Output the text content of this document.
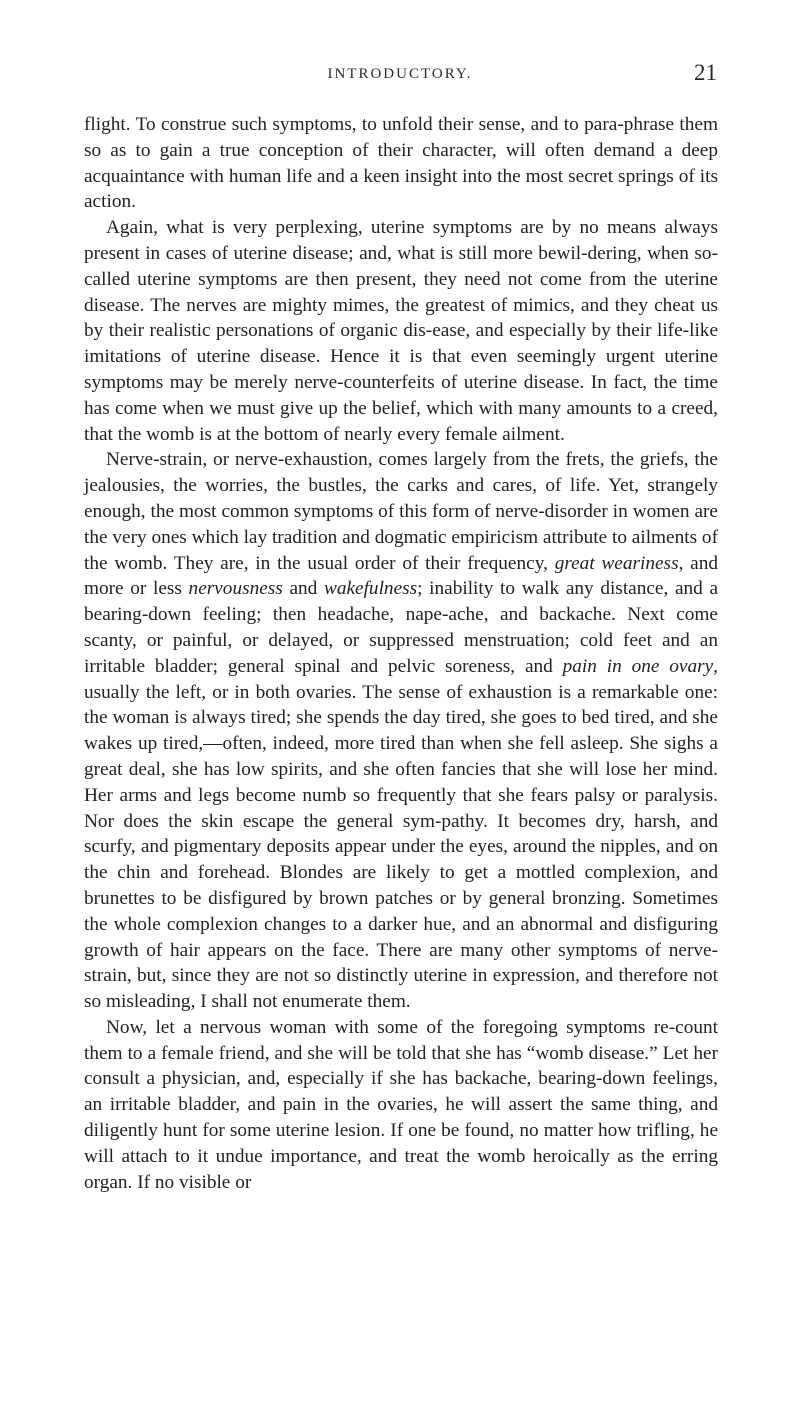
INTRODUCTORY.	21

flight. To construe such symptoms, to unfold their sense, and to para-phrase them so as to gain a true conception of their character, will often demand a deep acquaintance with human life and a keen insight into the most secret springs of its action.

Again, what is very perplexing, uterine symptoms are by no means always present in cases of uterine disease; and, what is still more bewil-dering, when so-called uterine symptoms are then present, they need not come from the uterine disease. The nerves are mighty mimes, the greatest of mimics, and they cheat us by their realistic personations of organic dis-ease, and especially by their life-like imitations of uterine disease. Hence it is that even seemingly urgent uterine symptoms may be merely nerve-counterfeits of uterine disease. In fact, the time has come when we must give up the belief, which with many amounts to a creed, that the womb is at the bottom of nearly every female ailment.

Nerve-strain, or nerve-exhaustion, comes largely from the frets, the griefs, the jealousies, the worries, the bustles, the carks and cares, of life. Yet, strangely enough, the most common symptoms of this form of nerve-disorder in women are the very ones which lay tradition and dogmatic empiricism attribute to ailments of the womb. They are, in the usual order of their frequency, great weariness, and more or less nervousness and wakefulness; inability to walk any distance, and a bearing-down feeling; then headache, nape-ache, and backache. Next come scanty, or painful, or delayed, or suppressed menstruation; cold feet and an irritable bladder; general spinal and pelvic soreness, and pain in one ovary, usually the left, or in both ovaries. The sense of exhaustion is a remarkable one: the woman is always tired; she spends the day tired, she goes to bed tired, and she wakes up tired,—often, indeed, more tired than when she fell asleep. She sighs a great deal, she has low spirits, and she often fancies that she will lose her mind. Her arms and legs become numb so frequently that she fears palsy or paralysis. Nor does the skin escape the general sym-pathy. It becomes dry, harsh, and scurfy, and pigmentary deposits appear under the eyes, around the nipples, and on the chin and forehead. Blondes are likely to get a mottled complexion, and brunettes to be disfigured by brown patches or by general bronzing. Sometimes the whole complexion changes to a darker hue, and an abnormal and disfiguring growth of hair appears on the face. There are many other symptoms of nerve-strain, but, since they are not so distinctly uterine in expression, and therefore not so misleading, I shall not enumerate them.

Now, let a nervous woman with some of the foregoing symptoms re-count them to a female friend, and she will be told that she has “womb disease.” Let her consult a physician, and, especially if she has backache, bearing-down feelings, an irritable bladder, and pain in the ovaries, he will assert the same thing, and diligently hunt for some uterine lesion. If one be found, no matter how trifling, he will attach to it undue importance, and treat the womb heroically as the erring organ. If no visible or
